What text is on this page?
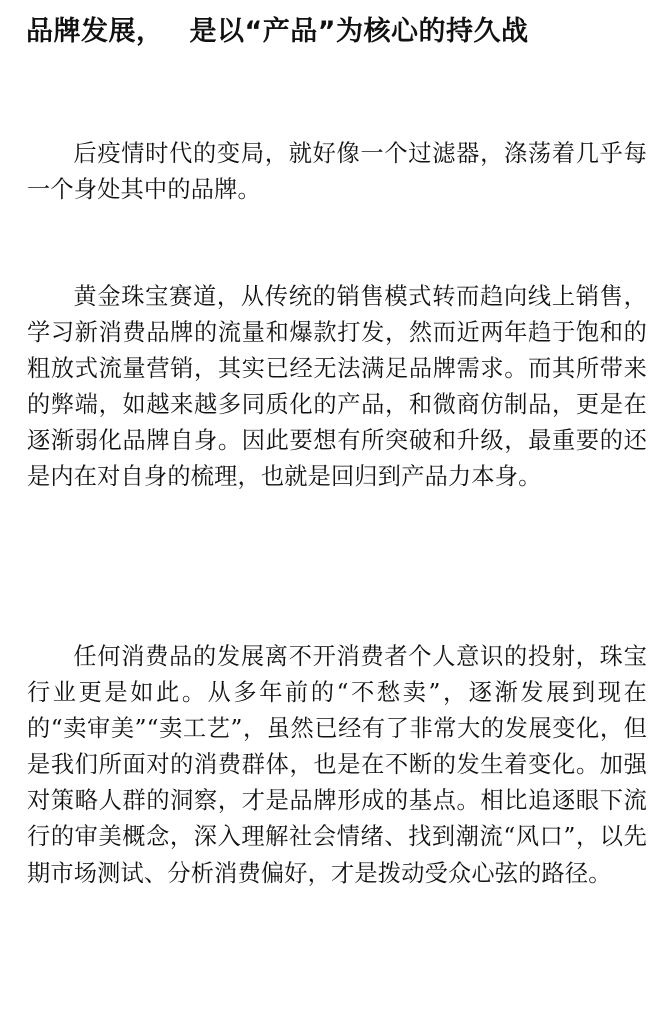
品牌发展， 是以“产品”为核心的持久战

后疫情时代的变局，就好像一个过滤器，涤荡着几乎每一个身处其中的品牌。

黄金珠宝赛道，从传统的销售模式转而趋向线上销售，学习新消费品牌的流量和爆款打发，然而近两年趋于饱和的粗放式流量营销，其实已经无法满足品牌需求。而其所带来的弊端，如越来越多同质化的产品，和微商仿制品，更是在逐渐弱化品牌自身。因此要想有所突破和升级，最重要的还是内在对自身的梳理，也就是回归到产品力本身。

任何消费品的发展离不开消费者个人意识的投射，珠宝行业更是如此。从多年前的“不愁卖”，逐渐发展到现在的“卖审美”“卖工艺”，虽然已经有了非常大的发展变化，但是我们所面对的消费群体，也是在不断的发生着变化。加强对策略人群的洞察，才是品牌形成的基点。相比追逐眼下流行的审美概念，深入理解社会情绪、找到潮流“风口”，以先期市场测试、分析消费偏好，才是拨动受众心弦的路径。
